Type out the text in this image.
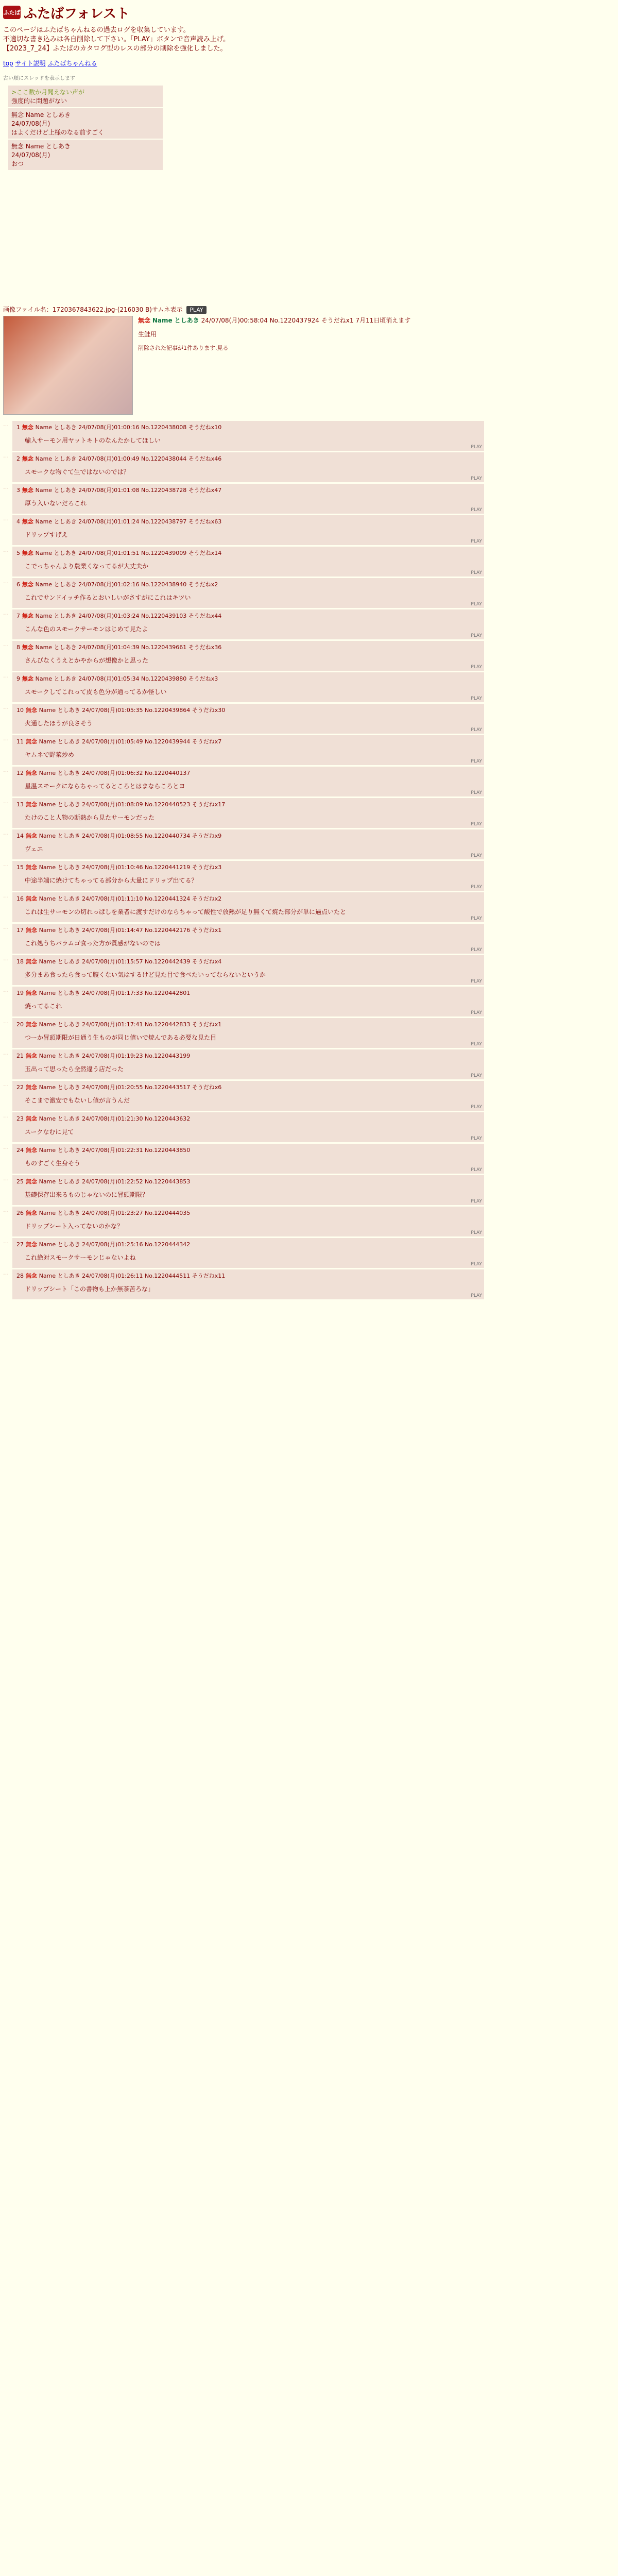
ふたば ふたばフォレスト
このページはふたばちゃんねるの過去ログを収集しています。
不適切な書き込みは各自削除して下さい。「PLAY」ボタンで音声読み上げ。
【2023_7_24】ふたばのカタログ型のレスの部分の削除を強化しました。
top サイト説明 ふたばちゃんねる
古い順にスレッドを表示します
>ここ数か月聞えない声が
強度的に問題がない
無念 Name としあき
24/07/08(月)
はよくだけど上様のなる前すごく
無念 Name としあき
24/07/08(月)
おつ
画像ファイル名：1720367843622.jpg-(216030 B)サムネ表示 PLAY
無念 Name としあき 24/07/08(月)00:58:04 No.1220437924 そうだねx1 7月11日頃消えます
生鮭用
削除された記事が1件あります.見る
…	1 無念 Name としあき 24/07/08(月)01:00:16 No.1220438008 そうだねx10
輸入サーモン用ヤットキトのなんたかしてほしい
PLAY
…	2 無念 Name としあき 24/07/08(月)01:00:49 No.1220438044 そうだねx46
スモークな物ぐて生ではないのでは？
PLAY
…	3 無念 Name としあき 24/07/08(月)01:01:08 No.1220438728 そうだねx47
厚う入いないだろこれ
PLAY
…	4 無念 Name としあき 24/07/08(月)01:01:24 No.1220438797 そうだねx63
ドリップすげえ
PLAY
…	5 無念 Name としあき 24/07/08(月)01:01:51 No.1220439009 そうだねx14
こでっちゃんより農業くなってるが大丈夫か
PLAY
…	6 無念 Name としあき 24/07/08(月)01:02:16 No.1220438940 そうだねx2
これでサンドイッチ作るとおいしいがさすがにこれはキツい
PLAY
…	7 無念 Name としあき 24/07/08(月)01:03:24 No.1220439103 そうだねx44
こんな色のスモークサーモンはじめて見たよ
PLAY
…	8 無念 Name としあき 24/07/08(月)01:04:39 No.1220439661 そうだねx36
さんびなくうえとかやからが想像かと思った
PLAY
…	9 無念 Name としあき 24/07/08(月)01:05:34 No.1220439880 そうだねx3
スモークしてこれって皮も色分が通ってるか怪しい
PLAY
…	10 無念 Name としあき 24/07/08(月)01:05:35 No.1220439864 そうだねx30
火通したほうが良さそう
PLAY
…	11 無念 Name としあき 24/07/08(月)01:05:49 No.1220439944 そうだねx7
ヤムネで野菜炒め
PLAY
…	12 無念 Name としあき 24/07/08(月)01:06:32 No.1220440137
星温スモークにならちゃってるところとはまならころとヨ
PLAY
…	13 無念 Name としあき 24/07/08(月)01:08:09 No.1220440523 そうだねx17
たけのこと人物の断熱から見たサーモンだった
PLAY
…	14 無念 Name としあき 24/07/08(月)01:08:55 No.1220440734 そうだねx9
ヴェエ
PLAY
…	15 無念 Name としあき 24/07/08(月)01:10:46 No.1220441219 そうだねx3
中途半端に焼けてちゃってる部分から大量にドリップ出てる？
PLAY
…	16 無念 Name としあき 24/07/08(月)01:11:10 No.1220441324 そうだねx2
これは生サーモンの切れっぱしを業者に渡すだけのならちゃって酸性で放熱が足り無くて焼た部分が単に過点いたと
PLAY
…	17 無念 Name としあき 24/07/08(月)01:14:47 No.1220442176 そうだねx1
これ処うちバラムゴ食った方が質感がないのでは
PLAY
…	18 無念 Name としあき 24/07/08(月)01:15:57 No.1220442439 そうだねx4
多分まあ食ったら食って腹くない気はするけど見た目で食べたいってならないというか
PLAY
…	19 無念 Name としあき 24/07/08(月)01:17:33 No.1220442801
焼ってるこれ
PLAY
…	20 無念 Name としあき 24/07/08(月)01:17:41 No.1220442833 そうだねx1
つーか冒頭期限が日通う生ものが同じ値いで焼んである必要な見た目
PLAY
…	21 無念 Name としあき 24/07/08(月)01:19:23 No.1220443199
玉出って思ったら全然違う店だった
PLAY
…	22 無念 Name としあき 24/07/08(月)01:20:55 No.1220443517 そうだねx6
そこまで激安でもないし値が言うんだ
PLAY
…	23 無念 Name としあき 24/07/08(月)01:21:30 No.1220443632
スークなむに見て
PLAY
…	24 無念 Name としあき 24/07/08(月)01:22:31 No.1220443850
ものすごく生身そう
PLAY
…	25 無念 Name としあき 24/07/08(月)01:22:52 No.1220443853
基礎保存出来るものじゃないのに冒頭期限？
PLAY
…	26 無念 Name としあき 24/07/08(月)01:23:27 No.1220444035
ドリップシート入ってないのかな？
PLAY
…	27 無念 Name としあき 24/07/08(月)01:25:16 No.1220444342
これ絶対スモークサーモンじゃないよね
PLAY
…	28 無念 Name としあき 24/07/08(月)01:26:11 No.1220444511 そうだねx11
ドリップシート「この書物も上か無茶苦ろな」
PLAY
